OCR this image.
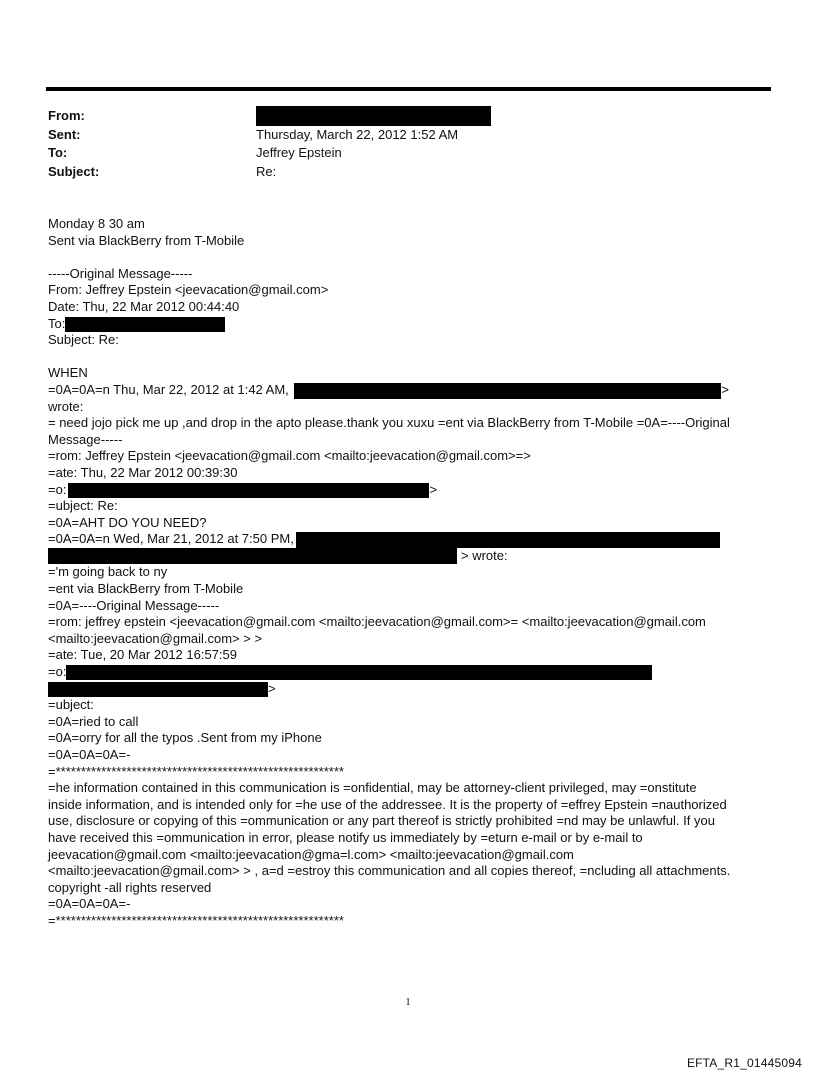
From:
Sent:	Thursday, March 22, 2012 1:52 AM
To:	Jeffrey Epstein
Subject:	Re:
Monday 8 30 am
Sent via BlackBerry from T-Mobile
-----Original Message-----
From: Jeffrey Epstein <jeevacation@gmail.com>
Date: Thu, 22 Mar 2012 00:44:40
To:
Subject: Re:
WHEN
=0A=0A=n Thu, Mar 22, 2012 at 1:42 AM,	>
wrote:
= need jojo pick me up ,and drop in the apto please.thank you xuxu =ent via BlackBerry from T-Mobile =0A=----Original Message-----
=rom: Jeffrey Epstein <jeevacation@gmail.com <mailto:jeevacation@gmail.com>=>
=ate: Thu, 22 Mar 2012 00:39:30
=o:	>
=ubject: Re:
=0A=AHT DO YOU NEED?
=0A=0A=n Wed, Mar 21, 2012 at 7:50 PM,
> wrote:
='m going back to ny
=ent via BlackBerry from T-Mobile
=0A=----Original Message-----
=rom: jeffrey epstein <jeevacation@gmail.com <mailto:jeevacation@gmail.com>= <mailto:jeevacation@gmail.com
<mailto:jeevacation@gmail.com> > >
=ate: Tue, 20 Mar 2012 16:57:59
=o:
>
=ubject:
=0A=ried to call
=0A=orry for all the typos .Sent from my iPhone
=0A=0A=0A=-
=*********************************************************
=he information contained in this communication is =onfidential, may be attorney-client privileged, may =onstitute
inside information, and is intended only for =he use of the addressee. It is the property of =effrey Epstein =nauthorized
use, disclosure or copying of this =ommunication or any part thereof is strictly prohibited =nd may be unlawful. If you
have received this =ommunication in error, please notify us immediately by =eturn e-mail or by e-mail to
jeevacation@gmail.com <mailto:jeevacation@gma=l.com> <mailto:jeevacation@gmail.com
<mailto:jeevacation@gmail.com> > , a=d =estroy this communication and all copies thereof, =ncluding all attachments.
copyright -all rights reserved
=0A=0A=0A=-
=*********************************************************
1
EFTA_R1_01445094
